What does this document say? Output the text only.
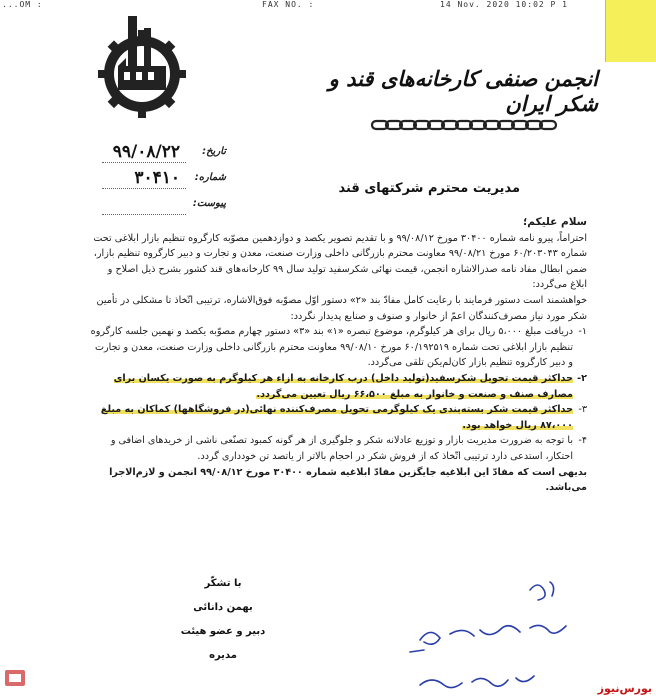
...OM :	FAX NO. :	14 Nov. 2020 10:02 P 1
انجمن صنفی کارخانه‌های قند و شکر ایران
تاریخ:
۹۹/۰۸/۲۲
شماره:
۳۰۴۱۰
پیوست:
مدیریت محترم شرکتهای قند

سلام علیکم؛

احتراماً، پیرو نامه شماره ۳۰۴۰۰ مورخ ۹۹/۰۸/۱۲ و با تقدیم تصویر یکصد و دوازدهمین مصوّبه کارگروه تنظیم بازار ابلاغی تحت شماره ۶۰/۲۰۳۰۴۳ مورخ ۹۹/۰۸/۲۱ معاونت محترم بازرگانی داخلی وزارت صنعت، معدن و تجارت و دبیر کارگروه تنظیم بازار، ضمن ابطال مفاد نامه صدرالاشاره انجمن، قیمت نهائی شکرسفید تولید سال ۹۹ کارخانه‌های قند کشور بشرح ذیل اصلاح و ابلاغ می‌گردد:

خواهشمند است دستور فرمایند با رعایت کامل مفادّ بند «۲» دستور اوّل مصوّبه فوق‌الاشاره، ترتیبی اتّخاذ تا مشکلی در تأمین شکر مورد نیاز مصرف‌کنندگان اعمّ از خانوار و صنوف و صنایع پدیدار نگردد:

۱-
دریافت مبلغ ۵،۰۰۰ ریال برای هر کیلوگرم، موضوع تبصره «۱» بند «۳» دستور چهارم مصوّبه یکصد و نهمین جلسه کارگروه تنظیم بازار ابلاغی تحت شماره ۶۰/۱۹۲۵۱۹ مورخ ۹۹/۰۸/۱۰ معاونت محترم بازرگانی داخلی وزارت صنعت، معدن و تجارت و دبیر کارگروه تنظیم بازار کان‌لم‌یکن تلقی می‌گردد.
۲-
حداکثر قیمت تحویل شکرسفید(تولید داخل) درب کارخانه به ازاء هر کیلوگرم به صورت یکسان برای مصارف صنف و صنعت و خانوار به مبلغ ۶۶،۵۰۰ ریال تعیین می‌گردد.
۳-
حداکثر قیمت شکر بسته‌بندی یک کیلوگرمی تحویل مصرف‌کننده نهائی(در فروشگاهها) کماکان به مبلغ ۸۷،۰۰۰ ریال خواهد بود.
۴-
با توجه به ضرورت مدیریت بازار و توزیع عادلانه شکر و جلوگیری از هر گونه کمبود تصنّعی ناشی از خریدهای اضافی و احتکار، استدعی دارد ترتیبی اتّخاذ که از فروش شکر در احجام بالاتر از یاتصد تن خودداری گردد.

بدیهی است که مفادّ این ابلاغیه جایگزین مفادّ ابلاغیه شماره ۳۰۴۰۰ مورخ ۹۹/۰۸/۱۲ انجمن و لازم‌الاجرا می‌باشد.

با تشکّر
بهمن دانائی
دبیر و عضو هیئت مدیره
بورس‌نیوز
